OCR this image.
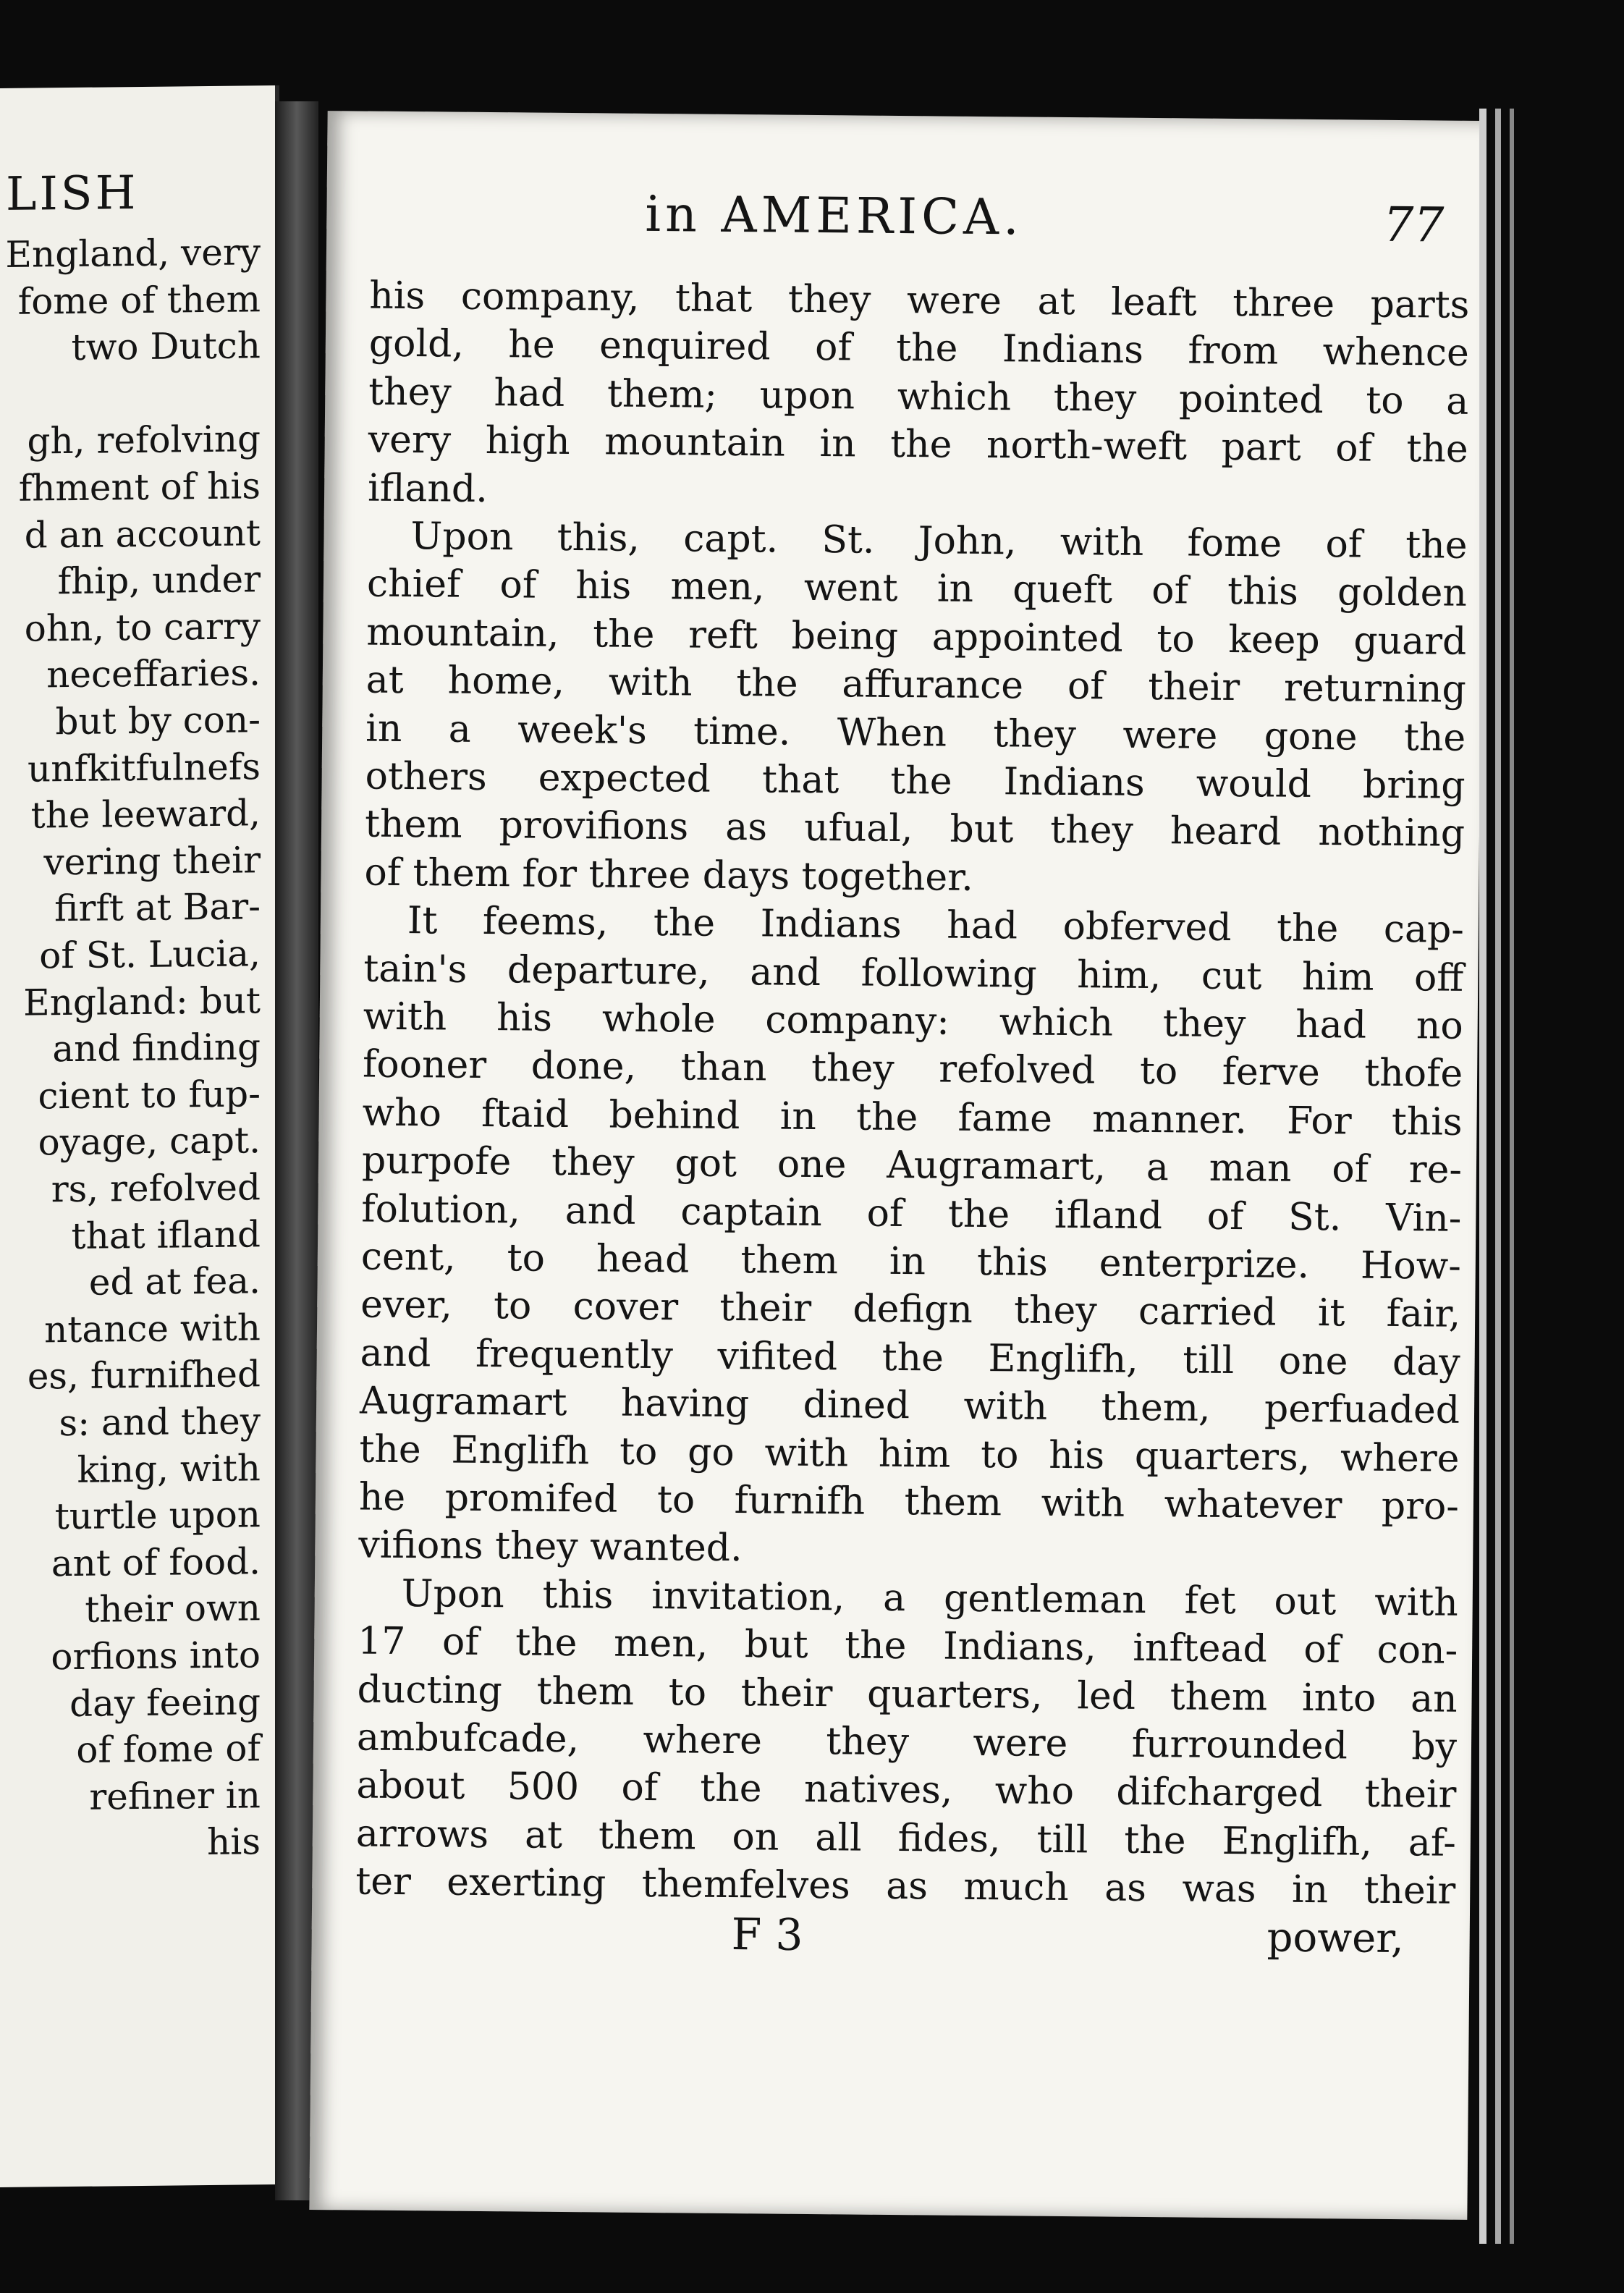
LISH
England, very
fome of them
two Dutch
gh, refolving
fhment of his
d an account
fhip, under
ohn, to carry
neceffaries.
but by con-
unfkitfulnefs
the leeward,
vering their
firft at Bar-
of St. Lucia,
England: but
and finding
cient to fup-
oyage, capt.
rs, refolved
that ifland
ed at fea.
ntance with
es, furnifhed
s: and they
king, with
turtle upon
ant of food.
their own
orfions into
day feeing
of fome of
refiner in
his
in AMERICA.	77
his company, that they were at leaft three parts
gold, he enquired of the Indians from whence
they had them; upon which they pointed to a
very high mountain in the north-weft part of the
ifland.
Upon this, capt. St. John, with fome of the
chief of his men, went in queft of this golden
mountain, the reft being appointed to keep guard
at home, with the affurance of their returning
in a week's time. When they were gone the
others expected that the Indians would bring
them provifions as ufual, but they heard nothing
of them for three days together.
It feems, the Indians had obferved the cap-
tain's departure, and following him, cut him off
with his whole company: which they had no
fooner done, than they refolved to ferve thofe
who ftaid behind in the fame manner. For this
purpofe they got one Augramart, a man of re-
folution, and captain of the ifland of St. Vin-
cent, to head them in this enterprize. How-
ever, to cover their defign they carried it fair,
and frequently vifited the Englifh, till one day
Augramart having dined with them, perfuaded
the Englifh to go with him to his quarters, where
he promifed to furnifh them with whatever pro-
vifions they wanted.
Upon this invitation, a gentleman fet out with
17 of the men, but the Indians, inftead of con-
ducting them to their quarters, led them into an
ambufcade, where they were furrounded by
about 500 of the natives, who difcharged their
arrows at them on all fides, till the Englifh, af-
ter exerting themfelves as much as was in their
F 3	power,
